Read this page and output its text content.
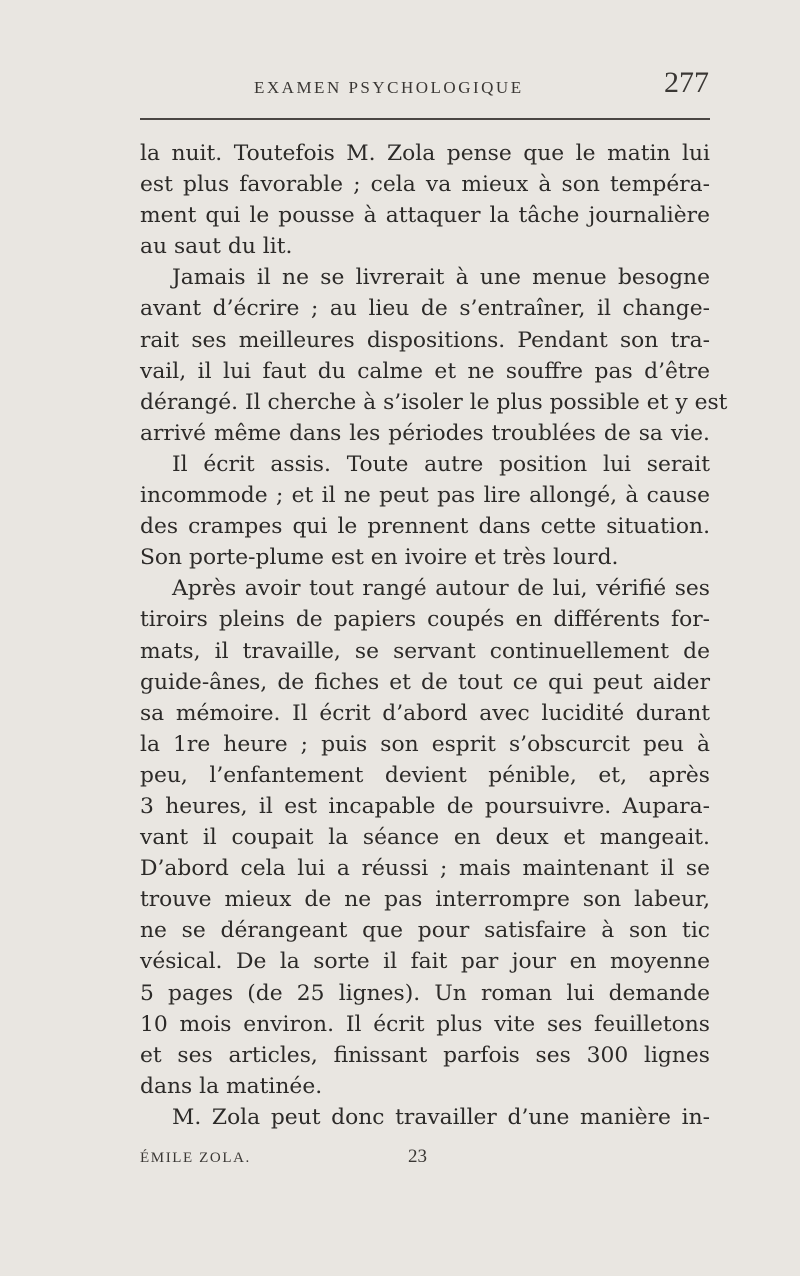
EXAMEN PSYCHOLOGIQUE	277
la nuit. Toutefois M. Zola pense que le matin lui
est plus favorable ; cela va mieux à son tempéra-
ment qui le pousse à attaquer la tâche journalière
au saut du lit.
Jamais il ne se livrerait à une menue besogne
avant d’écrire ; au lieu de s’entraîner, il change-
rait ses meilleures dispositions. Pendant son tra-
vail, il lui faut du calme et ne souffre pas d’être
dérangé. Il cherche à s’isoler le plus possible et y est
arrivé même dans les périodes troublées de sa vie.
Il écrit assis. Toute autre position lui serait
incommode ; et il ne peut pas lire allongé, à cause
des crampes qui le prennent dans cette situation.
Son porte-plume est en ivoire et très lourd.
Après avoir tout rangé autour de lui, vérifié ses
tiroirs pleins de papiers coupés en différents for-
mats, il travaille, se servant continuellement de
guide-ânes, de fiches et de tout ce qui peut aider
sa mémoire. Il écrit d’abord avec lucidité durant
la 1re heure ; puis son esprit s’obscurcit peu à
peu, l’enfantement devient pénible, et, après
3 heures, il est incapable de poursuivre. Aupara-
vant il coupait la séance en deux et mangeait.
D’abord cela lui a réussi ; mais maintenant il se
trouve mieux de ne pas interrompre son labeur,
ne se dérangeant que pour satisfaire à son tic
vésical. De la sorte il fait par jour en moyenne
5 pages (de 25 lignes). Un roman lui demande
10 mois environ. Il écrit plus vite ses feuilletons
et ses articles, finissant parfois ses 300 lignes
dans la matinée.
M. Zola peut donc travailler d’une manière in-
ÉMILE ZOLA.	23
